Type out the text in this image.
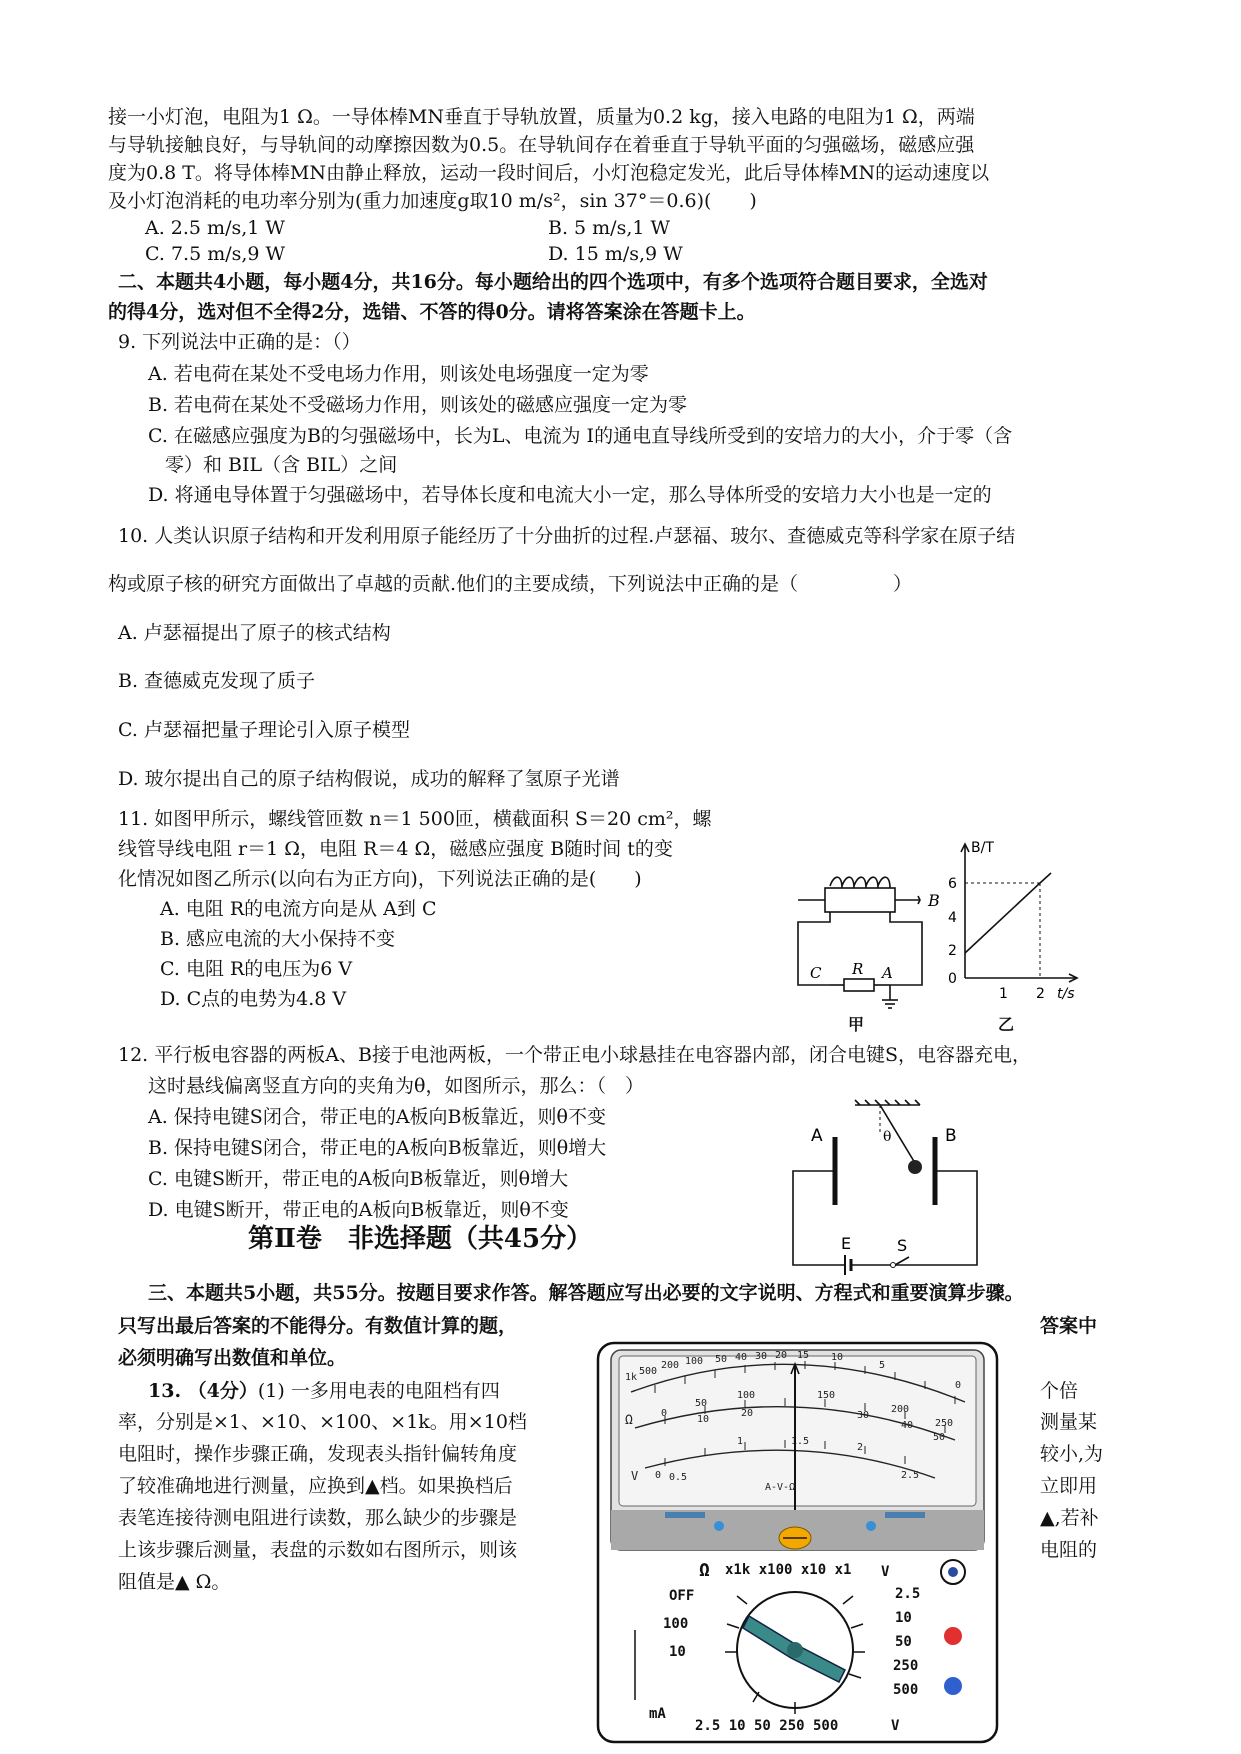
接一小灯泡，电阻为1 Ω。一导体棒MN垂直于导轨放置，质量为0.2 kg，接入电路的电阻为1 Ω，两端
与导轨接触良好，与导轨间的动摩擦因数为0.5。在导轨间存在着垂直于导轨平面的匀强磁场，磁感应强
度为0.8 T。将导体棒MN由静止释放，运动一段时间后，小灯泡稳定发光，此后导体棒MN的运动速度以
及小灯泡消耗的电功率分别为(重力加速度g取10 m/s²，sin 37°＝0.6)(　　)
A. 2.5 m/s,1 W	B. 5 m/s,1 W
C. 7.5 m/s,9 W	D. 15 m/s,9 W
二、本题共4小题，每小题4分，共16分。每小题给出的四个选项中，有多个选项符合题目要求，全选对
的得4分，选对但不全得2分，选错、不答的得0分。请将答案涂在答题卡上。
9. 下列说法中正确的是：（）
A. 若电荷在某处不受电场力作用，则该处电场强度一定为零
B. 若电荷在某处不受磁场力作用，则该处的磁感应强度一定为零
C. 在磁感应强度为B的匀强磁场中，长为L、电流为 I的通电直导线所受到的安培力的大小，介于零（含
零）和 BIL（含 BIL）之间
D. 将通电导体置于匀强磁场中，若导体长度和电流大小一定，那么导体所受的安培力大小也是一定的
10. 人类认识原子结构和开发利用原子能经历了十分曲折的过程.卢瑟福、玻尔、查德威克等科学家在原子结
构或原子核的研究方面做出了卓越的贡献.他们的主要成绩，下列说法中正确的是（　　　　　）
A. 卢瑟福提出了原子的核式结构
B. 查德威克发现了质子
C. 卢瑟福把量子理论引入原子模型
D. 玻尔提出自己的原子结构假说，成功的解释了氢原子光谱
11. 如图甲所示，螺线管匝数 n＝1 500匝，横截面积 S＝20 cm²，螺
线管导线电阻 r＝1 Ω，电阻 R＝4 Ω，磁感应强度 B随时间 t的变
化情况如图乙所示(以向右为正方向)，下列说法正确的是(　　)
A. 电阻 R的电流方向是从 A到 C
B. 感应电流的大小保持不变
C. 电阻 R的电压为6 V
D. C点的电势为4.8 V
B
C R A
甲
B/T
6
4
2
0
1 2 t/s
乙
12. 平行板电容器的两板A、B接于电池两板，一个带正电小球悬挂在电容器内部，闭合电键S，电容器充电，
这时悬线偏离竖直方向的夹角为θ，如图所示，那么：（　）
A. 保持电键S闭合，带正电的A板向B板靠近，则θ不变
B. 保持电键S闭合，带正电的A板向B板靠近，则θ增大
C. 电键S断开，带正电的A板向B板靠近，则θ增大
D. 电键S断开，带正电的A板向B板靠近，则θ不变
θ
A	B
E	S
第Ⅱ卷　非选择题（共45分）
三、本题共5小题，共55分。按题目要求作答。解答题应写出必要的文字说明、方程式和重要演算步骤。
只写出最后答案的不能得分。有数值计算的题，	答案中
必须明确写出数值和单位。
13. （4分）(1) 一多用电表的电阻档有四	个倍
率，分别是×1、×10、×100、×1k。用×10档	测量某
电阻时，操作步骤正确，发现表头指针偏转角度	较小,为
了较准确地进行测量，应换到▲档。如果换档后	立即用
表笔连接待测电阻进行读数，那么缺少的步骤是	▲,若补
上该步骤后测量，表盘的示数如右图所示，则该	电阻的
阻值是▲ Ω。
1k
500
200 100 50 40 30 20 15 10
5
0
0
50
100	150
200
250
10
20	30
40
50
0 0.5
1	1.5
2
2.5
Ω
V
A-V-Ω
Ω x1k x100 x10 x1 V
OFF
100
10
mA
2.5
10
50
250
500
2.5 10 50 250 500	V
